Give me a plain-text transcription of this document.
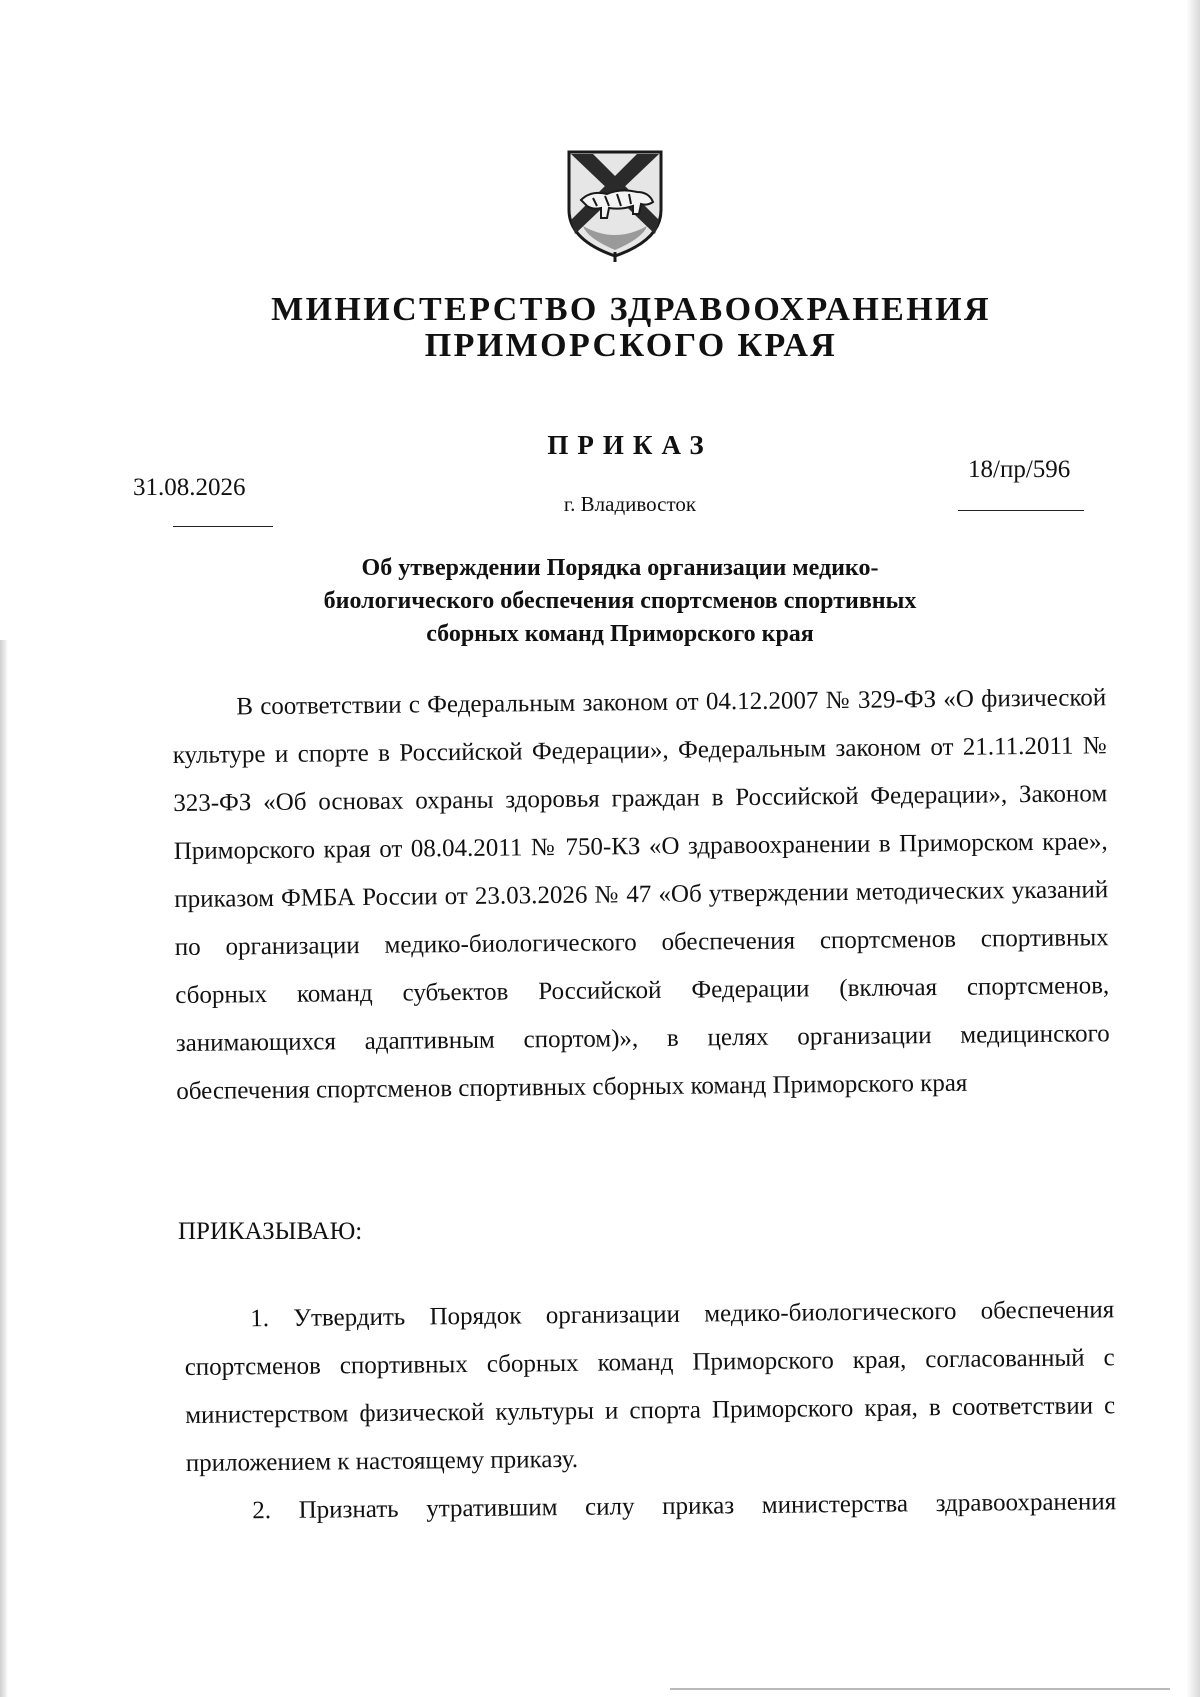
МИНИСТЕРСТВО ЗДРАВООХРАНЕНИЯ
ПРИМОРСКОГО КРАЯ
ПРИКАЗ
31.08.2026
18/пр/596
г. Владивосток
Об утверждении Порядка организации медико-
биологического обеспечения спортсменов спортивных
сборных команд Приморского края

В соответствии с Федеральным законом от 04.12.2007 № 329-ФЗ «О физической культуре и спорте в Российской Федерации», Федеральным законом от 21.11.2011 № 323-ФЗ «Об основах охраны здоровья граждан в Российской Федерации», Законом Приморского края от 08.04.2011 № 750-КЗ «О здравоохранении в Приморском крае», приказом ФМБА России от 23.03.2026 № 47 «Об утверждении методических указаний по организации медико-биологического обеспечения спортсменов спортивных сборных команд субъектов Российской Федерации (включая спортсменов, занимающихся адаптивным спортом)», в целях организации медицинского обеспечения спортсменов спортивных сборных команд Приморского края

ПРИКАЗЫВАЮ:

1. Утвердить Порядок организации медико-биологического обеспечения спортсменов спортивных сборных команд Приморского края, согласованный с министерством физической культуры и спорта Приморского края, в соответствии с приложением к настоящему приказу.

2. Признать утратившим силу приказ министерства здравоохранения
